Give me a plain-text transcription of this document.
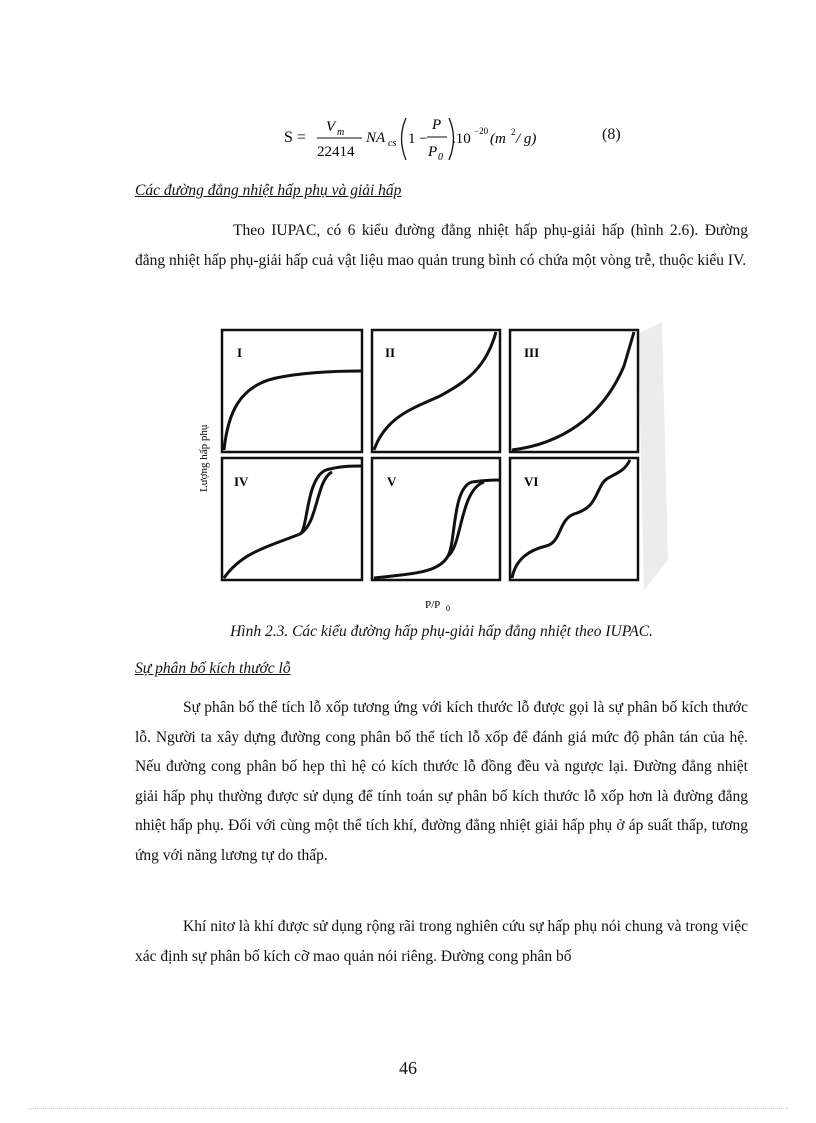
S =
V m
22414
NA cs 1 −
P
P 0
.10 −20 (m 2 / g)	(8)
Các đường đẳng nhiệt hấp phụ và giải hấp

Theo IUPAC, có 6 kiểu đường đẳng nhiệt hấp phụ-giải hấp (hình 2.6). Đường đẳng nhiệt hấp phụ-giải hấp cuả vật liệu mao quản trung bình có chứa một vòng trễ, thuộc kiểu IV.

I	II	III
IV	V	VI
Lượng hấp phụ
P/P 0
Hình 2.3. Các kiểu đường hấp phụ-giải hấp đẳng nhiệt theo IUPAC.
Sự phân bố kích thước lỗ

Sự phân bố thể tích lỗ xốp tương ứng với kích thước lỗ được gọi là sự phân bố kích thước lỗ. Người ta xây dựng đường cong phân bố thể tích lỗ xốp để đánh giá mức độ phân tán của hệ. Nếu đường cong phân bố hẹp thì hệ có kích thước lỗ đồng đều và ngược lại. Đường đẳng nhiệt giải hấp phụ thường được sử dụng để tính toán sự phân bố kích thước lỗ xốp hơn là đường đẳng nhiệt hấp phụ. Đối với cùng một thể tích khí, đường đẳng nhiệt giải hấp phụ ở áp suất thấp, tương ứng với năng lương tự do thấp.

Khí nitơ là khí được sử dụng rộng rãi trong nghiên cứu sự hấp phụ nói chung và trong việc xác định sự phân bố kích cỡ mao quản nói riêng. Đường cong phân bố

46
